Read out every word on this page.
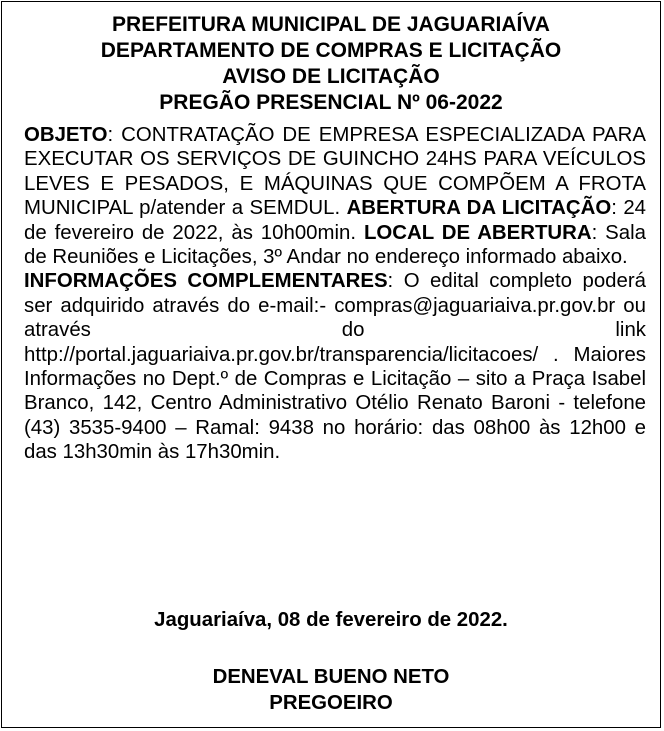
PREFEITURA MUNICIPAL DE JAGUARIAÍVA
DEPARTAMENTO DE COMPRAS E LICITAÇÃO
AVISO DE LICITAÇÃO
PREGÃO PRESENCIAL Nº 06-2022

OBJETO: CONTRATAÇÃO DE EMPRESA ESPECIALIZADA PARA EXECUTAR OS SERVIÇOS DE GUINCHO 24HS PARA VEÍCULOS LEVES E PESADOS, E MÁQUINAS QUE COMPÕEM A FROTA MUNICIPAL p/atender a SEMDUL. ABERTURA DA LICITAÇÃO: 24 de fevereiro de 2022, às 10h00min. LOCAL DE ABERTURA: Sala de Reuniões e Licitações, 3º Andar no endereço informado abaixo.

INFORMAÇÕES COMPLEMENTARES: O edital completo poderá ser adquirido através do e-mail:- compras@jaguariaiva.pr.gov.br ou através do link http://portal.jaguariaiva.pr.gov.br/transparencia/licitacoes/ . Maiores Informações no Dept.º de Compras e Licitação – sito a Praça Isabel Branco, 142, Centro Administrativo Otélio Renato Baroni - telefone (43) 3535-9400 – Ramal: 9438 no horário: das 08h00 às 12h00 e das 13h30min às 17h30min.

Jaguariaíva, 08 de fevereiro de 2022.
DENEVAL BUENO NETO
PREGOEIRO
